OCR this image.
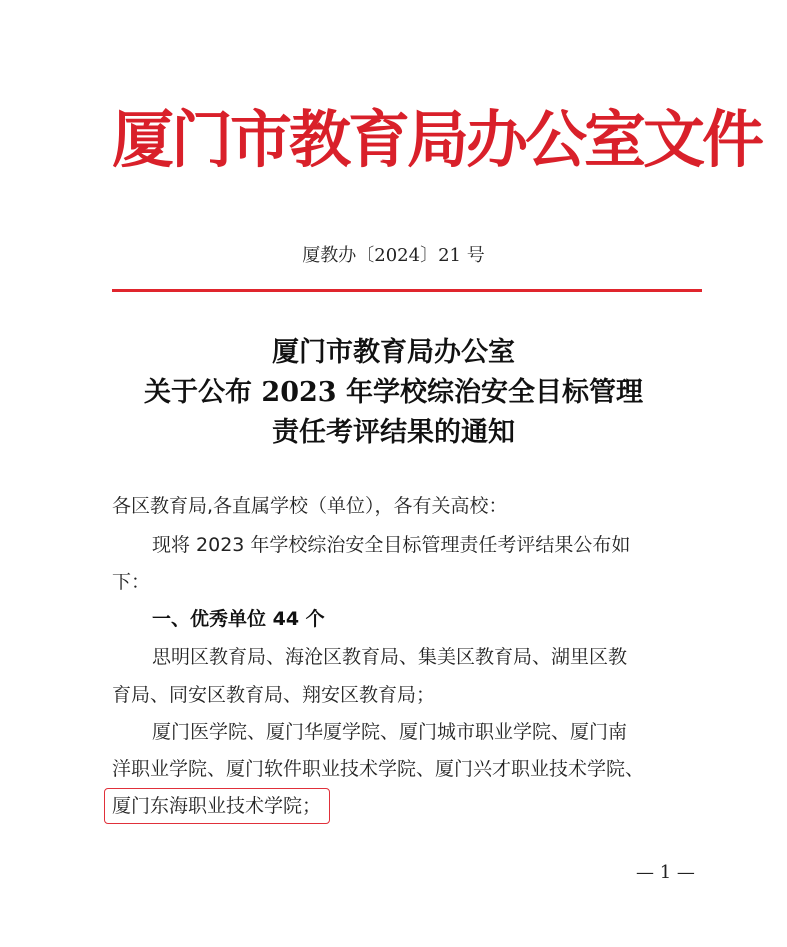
厦门市教育局办公室文件
厦教办〔2024〕21 号
厦门市教育局办公室
关于公布 2023 年学校综治安全目标管理
责任考评结果的通知
各区教育局,各直属学校（单位），各有关高校：
现将 2023 年学校综治安全目标管理责任考评结果公布如
下：
一、优秀单位 44 个
思明区教育局、海沧区教育局、集美区教育局、湖里区教
育局、同安区教育局、翔安区教育局；
厦门医学院、厦门华厦学院、厦门城市职业学院、厦门南
洋职业学院、厦门软件职业技术学院、厦门兴才职业技术学院、
厦门东海职业技术学院；
— 1 —
